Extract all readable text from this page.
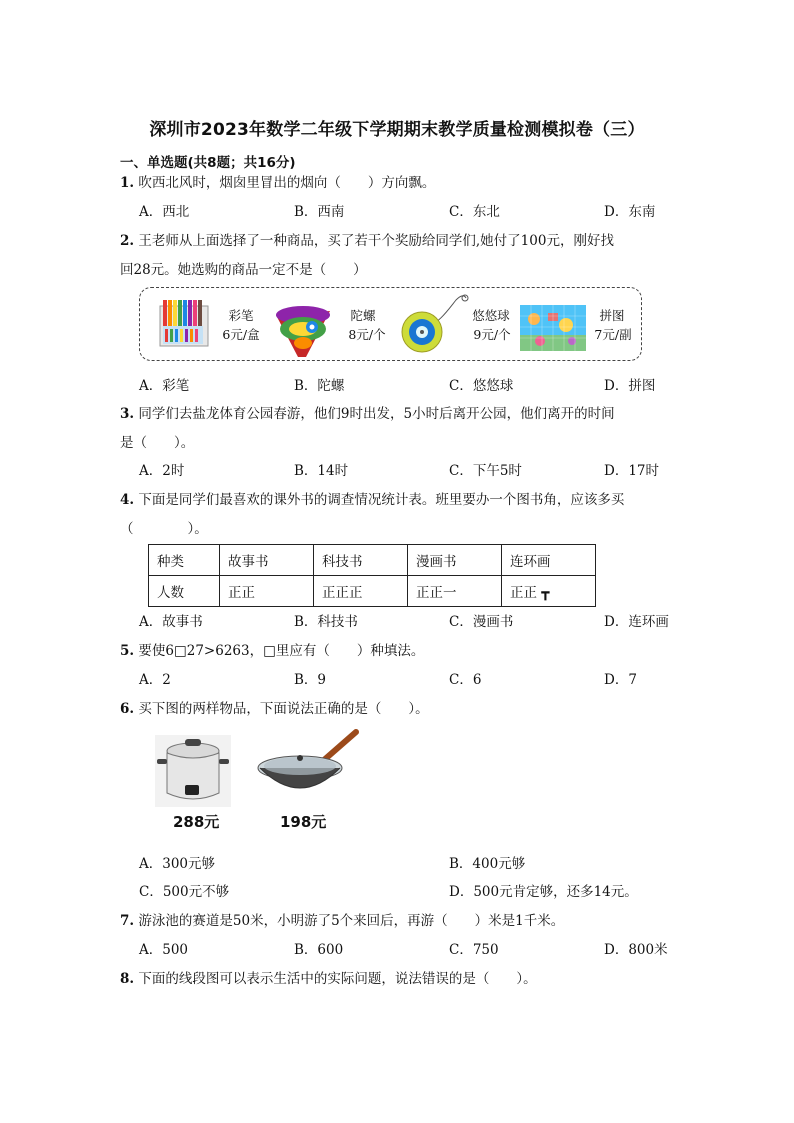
深圳市2023年数学二年级下学期期末教学质量检测模拟卷（三）
一、单选题(共8题；共16分)
1. 吹西北风时，烟囱里冒出的烟向（　　）方向飘。
A．西北	B．西南	C．东北	D．东南
2. 王老师从上面选择了一种商品，买了若干个奖励给同学们,她付了100元，刚好找
回28元。她选购的商品一定不是（　　）
彩笔
6元/盒
陀螺
8元/个
悠悠球
9元/个
拼图
7元/副
A．彩笔	B．陀螺	C．悠悠球	D．拼图
3. 同学们去盐龙体育公园春游，他们9时出发，5小时后离开公园，他们离开的时间
是（　　）。
A．2时	B．14时	C．下午5时	D．17时
4. 下面是同学们最喜欢的课外书的调查情况统计表。班里要办一个图书角，应该多买
（　　　　）。
种类	故事书	科技书	漫画书	连环画
人数	正正	正正正	正正一	正正 ┳
A．故事书	B．科技书	C．漫画书	D．连环画
5. 要使6□27>6263，□里应有（　　）种填法。
A．2	B．9	C．6	D．7
6. 买下图的两样物品，下面说法正确的是（　　）。
288元	198元
A．300元够	B．400元够
C．500元不够	D．500元肯定够，还多14元。
7. 游泳池的赛道是50米，小明游了5个来回后，再游（　　）米是1千米。
A．500	B．600	C．750	D．800米
8. 下面的线段图可以表示生活中的实际问题，说法错误的是（　　）。
